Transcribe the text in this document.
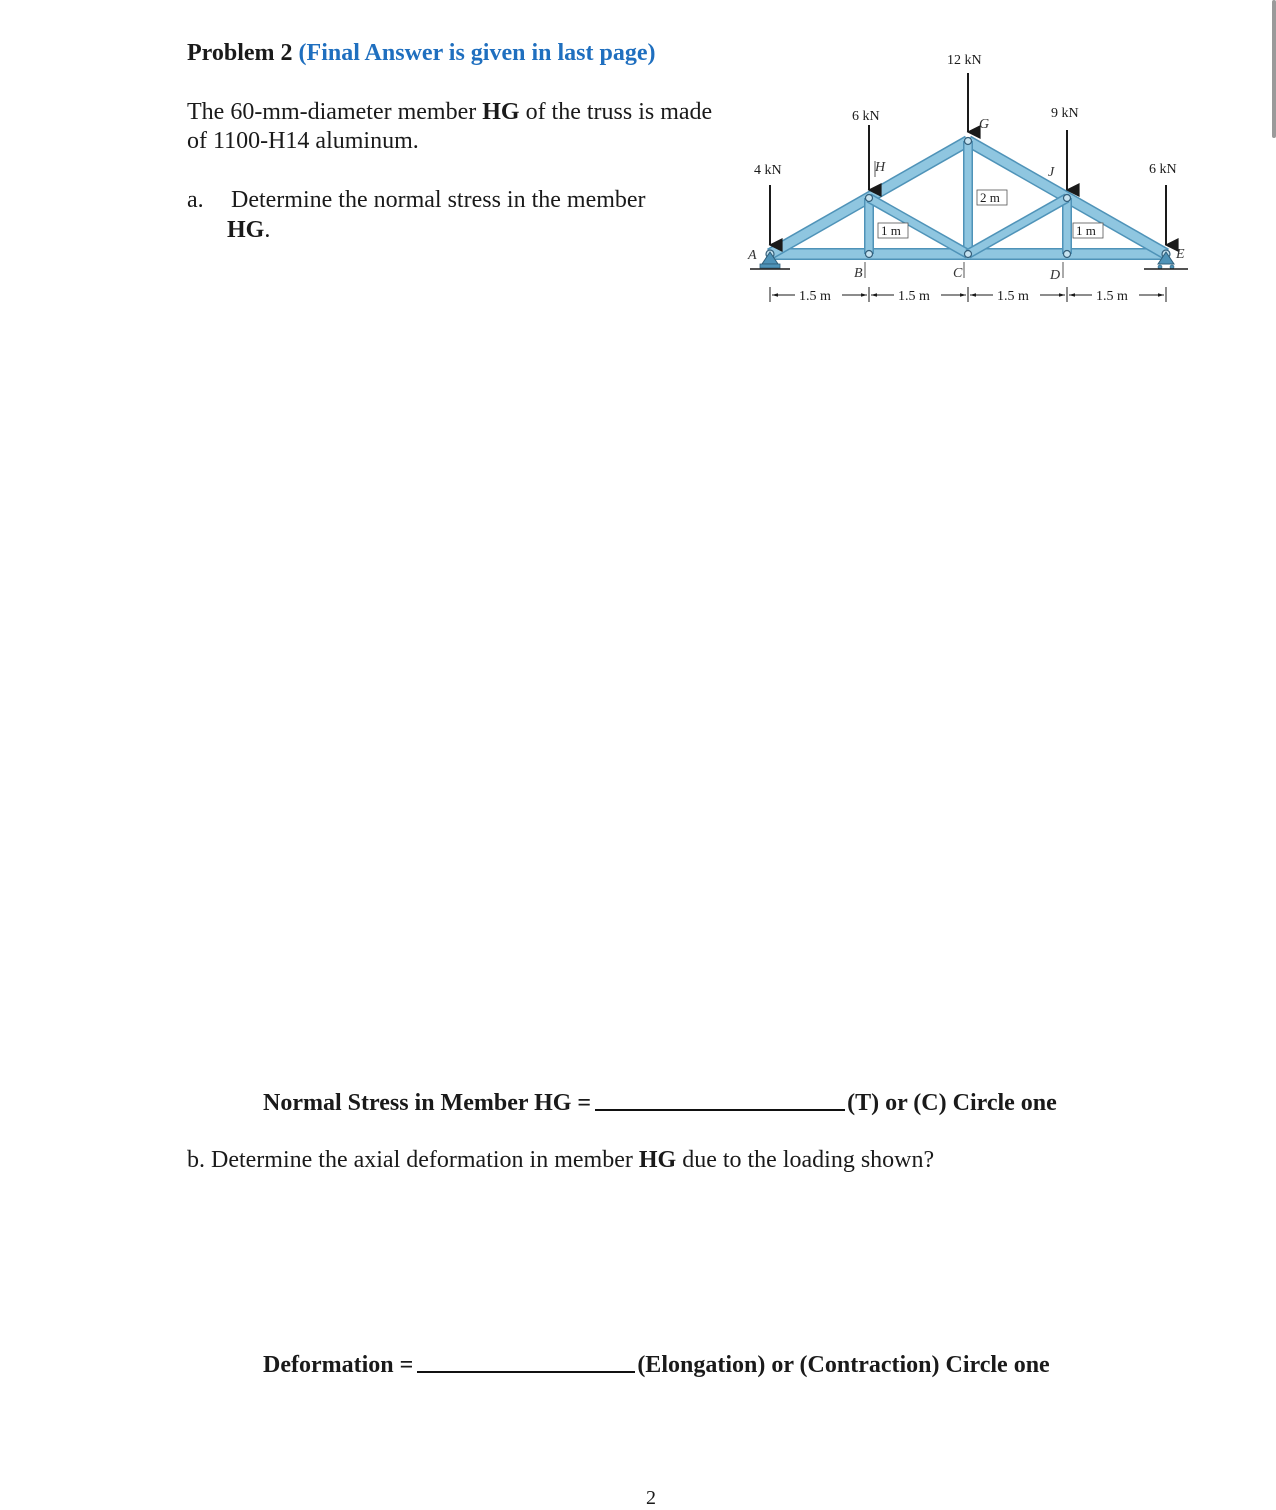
Problem 2 (Final Answer is given in last page)
The 60-mm-diameter member HG of the truss is made of 1100-H14 aluminum.
a. Determine the normal stress in the member
HG.
4 kN
6 kN
12 kN
9 kN
6 kN
A
B	C	D
E
G
H	J
1 m
2 m
1 m
1.5 m	1.5 m	1.5 m	1.5 m
Normal Stress in Member HG =	(T) or (C) Circle one
b. Determine the axial deformation in member HG due to the loading shown?
Deformation =	(Elongation) or (Contraction) Circle one
2
